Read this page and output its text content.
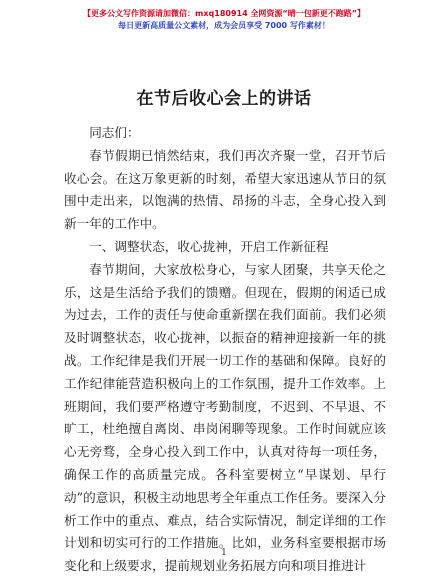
【更多公文写作资源请加微信：mxq180914 全网资源“晴一包新更不跑路”】
每日更新高质量公文素材，成为会员享受 7000 写作素材！
在节后收心会上的讲话

同志们：

春节假期已悄然结束，我们再次齐聚一堂，召开节后收心会。在这万象更新的时刻，希望大家迅速从节日的氛围中走出来，以饱满的热情、昂扬的斗志，全身心投入到新一年的工作中。

一、调整状态，收心拢神，开启工作新征程

春节期间，大家放松身心，与家人团聚，共享天伦之乐，这是生活给予我们的馈赠。但现在，假期的闲适已成为过去，工作的责任与使命重新摆在我们面前。我们必须及时调整状态，收心拢神，以振奋的精神迎接新一年的挑战。工作纪律是我们开展一切工作的基础和保障。良好的工作纪律能营造积极向上的工作氛围，提升工作效率。上班期间，我们要严格遵守考勤制度，不迟到、不早退、不旷工，杜绝擅自离岗、串岗闲聊等现象。工作时间就应该心无旁骛，全身心投入到工作中，认真对待每一项任务，确保工作的高质量完成。各科室要树立“早谋划、早行动”的意识，积极主动地思考全年重点工作任务。要深入分析工作中的重点、难点，结合实际情况，制定详细的工作计划和切实可行的工作措施。比如，业务科室要根据市场变化和上级要求，提前规划业务拓展方向和项目推进计

1
